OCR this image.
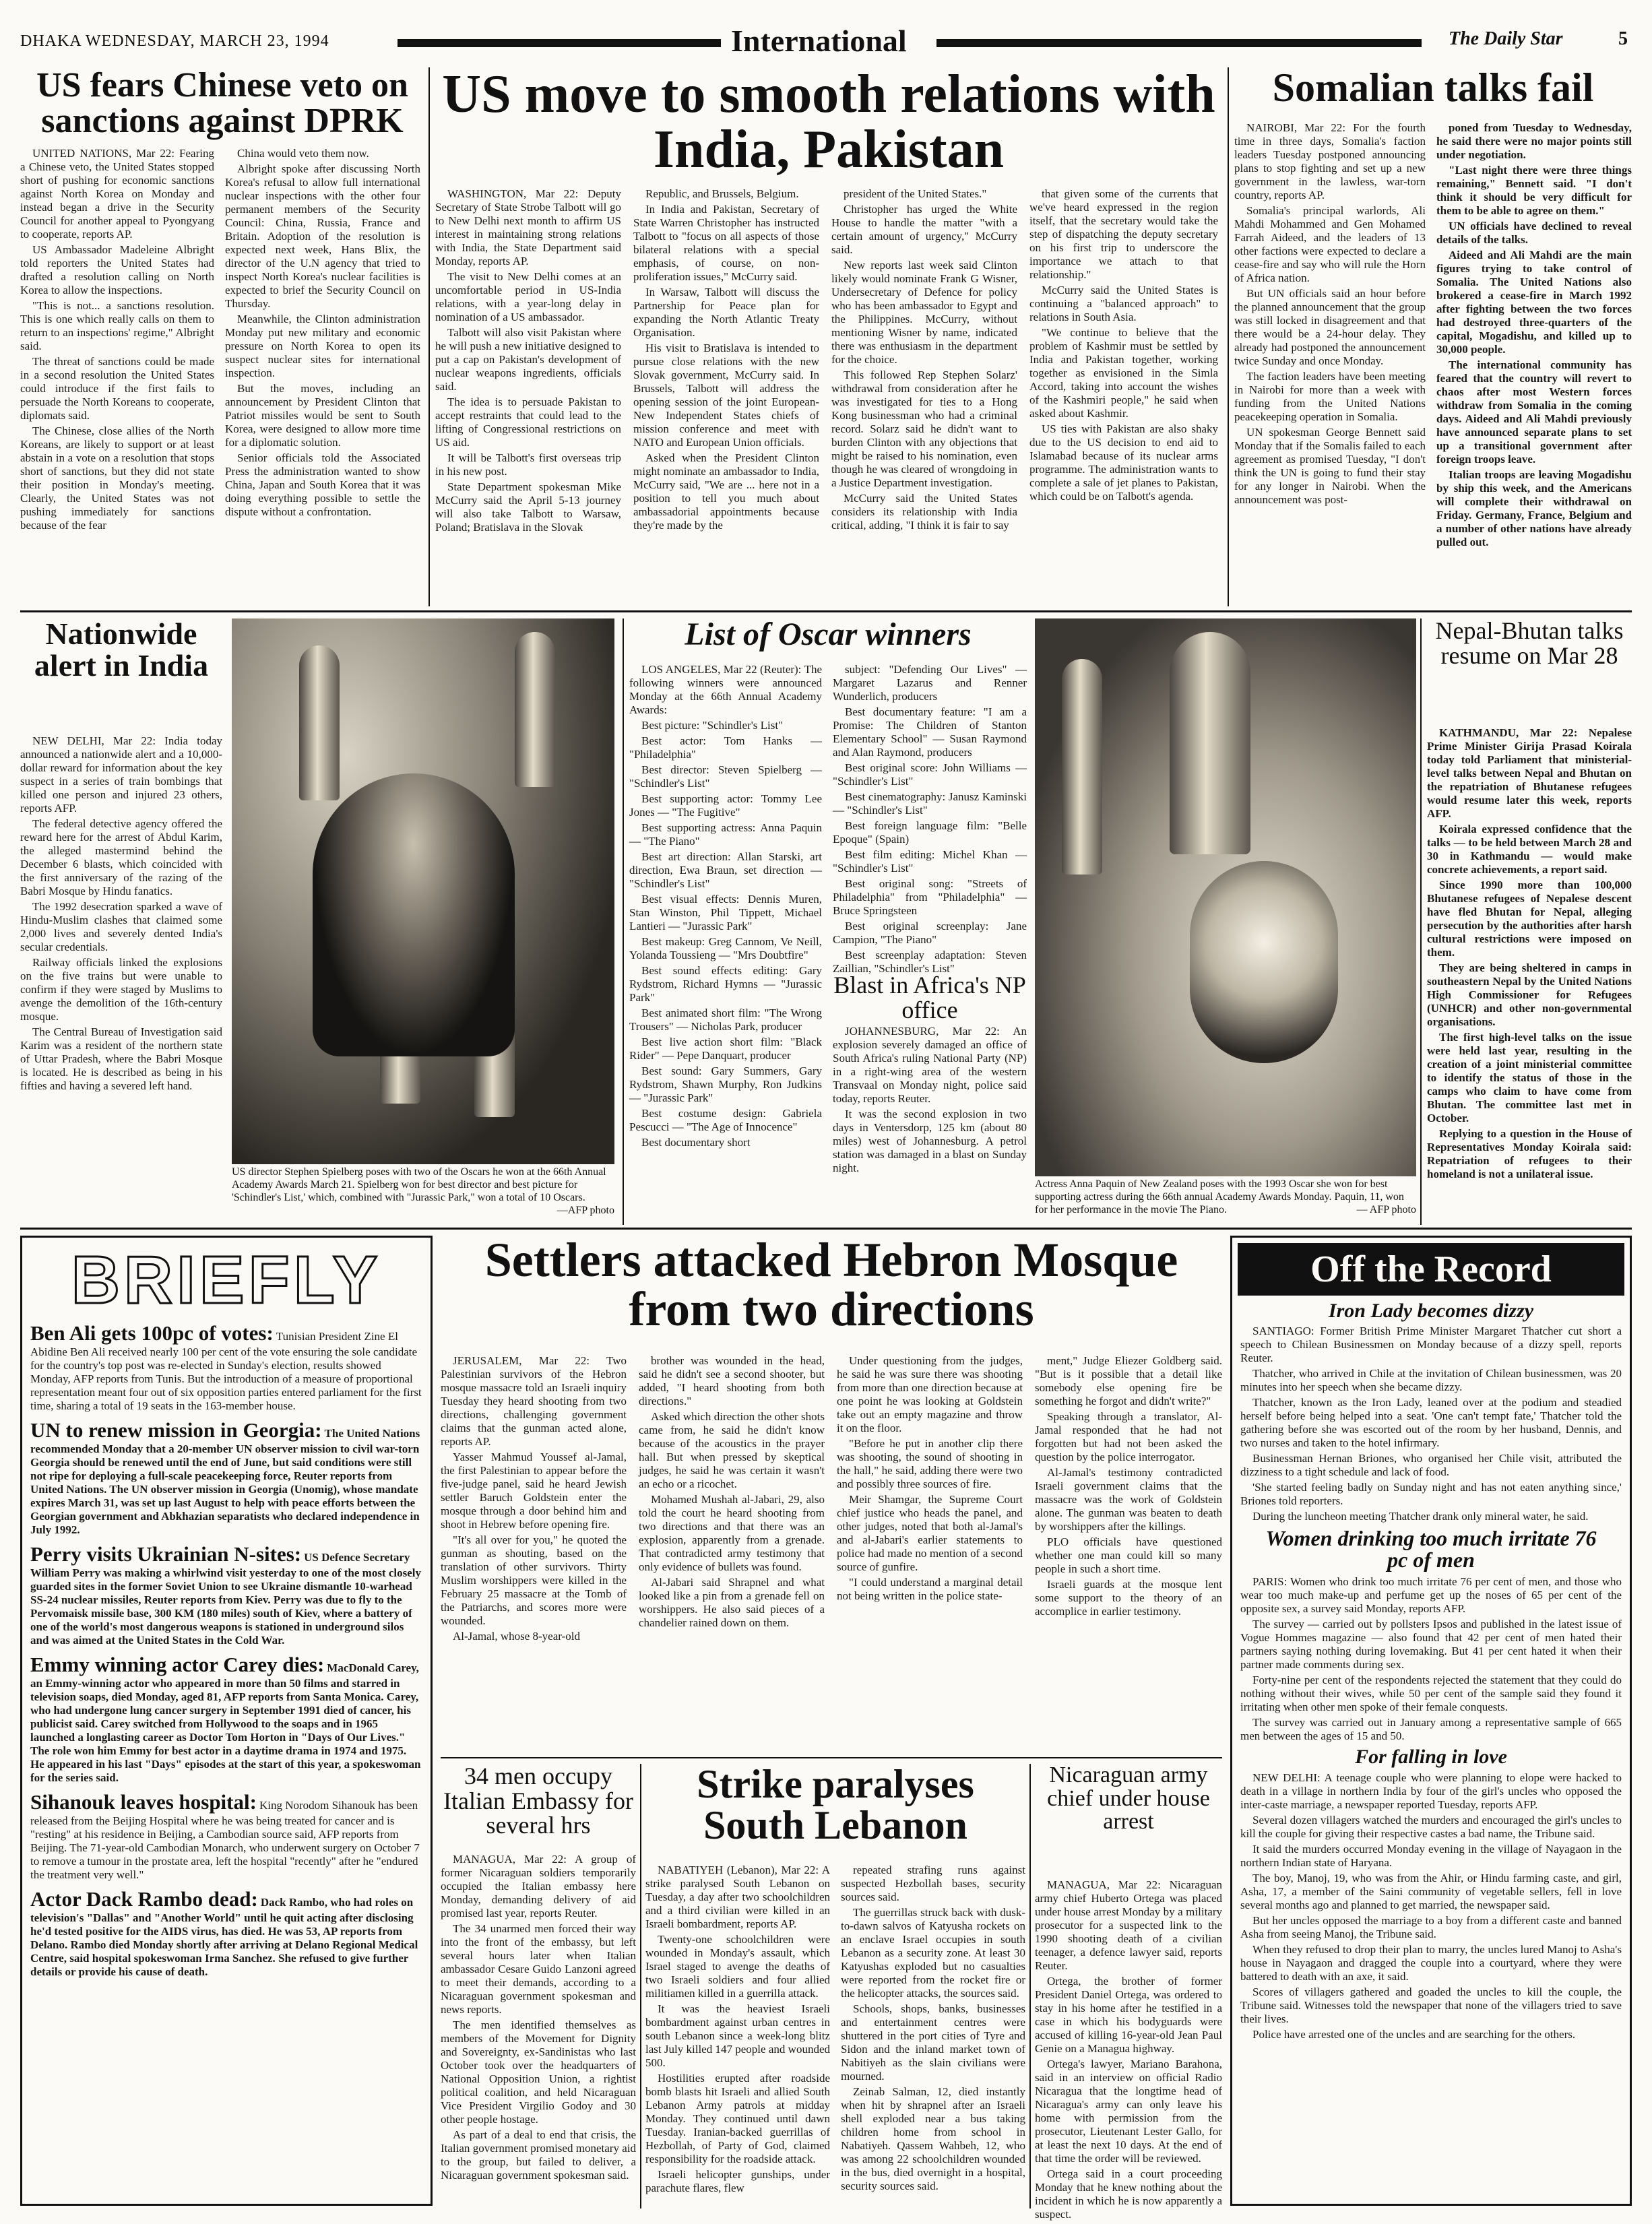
DHAKA WEDNESDAY, MARCH 23, 1994	International	The Daily Star	5
US fears Chinese veto on sanctions against DPRK

UNITED NATIONS, Mar 22: Fearing a Chinese veto, the United States stopped short of pushing for economic sanctions against North Korea on Monday and instead began a drive in the Security Council for another appeal to Pyongyang to cooperate, reports AP.

US Ambassador Madeleine Albright told reporters the United States had drafted a resolution calling on North Korea to allow the inspections.

"This is not... a sanctions resolution. This is one which really calls on them to return to an inspections' regime," Albright said.

The threat of sanctions could be made in a second resolution the United States could introduce if the first fails to persuade the North Koreans to cooperate, diplomats said.

The Chinese, close allies of the North Koreans, are likely to support or at least abstain in a vote on a resolution that stops short of sanctions, but they did not state their position in Monday's meeting. Clearly, the United States was not pushing immediately for sanctions because of the fear

China would veto them now.

Albright spoke after discussing North Korea's refusal to allow full international nuclear inspections with the other four permanent members of the Security Council: China, Russia, France and Britain. Adoption of the resolution is expected next week, Hans Blix, the director of the U.N agency that tried to inspect North Korea's nuclear facilities is expected to brief the Security Council on Thursday.

Meanwhile, the Clinton administration Monday put new military and economic pressure on North Korea to open its suspect nuclear sites for international inspection.

But the moves, including an announcement by President Clinton that Patriot missiles would be sent to South Korea, were designed to allow more time for a diplomatic solution.

Senior officials told the Associated Press the administration wanted to show China, Japan and South Korea that it was doing everything possible to settle the dispute without a confrontation.

US move to smooth relations with India, Pakistan

WASHINGTON, Mar 22: Deputy Secretary of State Strobe Talbott will go to New Delhi next month to affirm US interest in maintaining strong relations with India, the State Department said Monday, reports AP.

The visit to New Delhi comes at an uncomfortable period in US-India relations, with a year-long delay in nomination of a US ambassador.

Talbott will also visit Pakistan where he will push a new initiative designed to put a cap on Pakistan's development of nuclear weapons ingredients, officials said.

The idea is to persuade Pakistan to accept restraints that could lead to the lifting of Congressional restrictions on US aid.

It will be Talbott's first overseas trip in his new post.

State Department spokesman Mike McCurry said the April 5-13 journey will also take Talbott to Warsaw, Poland; Bratislava in the Slovak

Republic, and Brussels, Belgium.

In India and Pakistan, Secretary of State Warren Christopher has instructed Talbott to "focus on all aspects of those bilateral relations with a special emphasis, of course, on non-proliferation issues," McCurry said.

In Warsaw, Talbott will discuss the Partnership for Peace plan for expanding the North Atlantic Treaty Organisation.

His visit to Bratislava is intended to pursue close relations with the new Slovak government, McCurry said. In Brussels, Talbott will address the opening session of the joint European-New Independent States chiefs of mission conference and meet with NATO and European Union officials.

Asked when the President Clinton might nominate an ambassador to India, McCurry said, "We are ... here not in a position to tell you much about ambassadorial appointments because they're made by the

president of the United States."

Christopher has urged the White House to handle the matter "with a certain amount of urgency," McCurry said.

New reports last week said Clinton likely would nominate Frank G Wisner, Undersecretary of Defence for policy who has been ambassador to Egypt and the Philippines. McCurry, without mentioning Wisner by name, indicated there was enthusiasm in the department for the choice.

This followed Rep Stephen Solarz' withdrawal from consideration after he was investigated for ties to a Hong Kong businessman who had a criminal record. Solarz said he didn't want to burden Clinton with any objections that might be raised to his nomination, even though he was cleared of wrongdoing in a Justice Department investigation.

McCurry said the United States considers its relationship with India critical, adding, "I think it is fair to say

that given some of the currents that we've heard expressed in the region itself, that the secretary would take the step of dispatching the deputy secretary on his first trip to underscore the importance we attach to that relationship."

McCurry said the United States is continuing a "balanced approach" to relations in South Asia.

"We continue to believe that the problem of Kashmir must be settled by India and Pakistan together, working together as envisioned in the Simla Accord, taking into account the wishes of the Kashmiri people," he said when asked about Kashmir.

US ties with Pakistan are also shaky due to the US decision to end aid to Islamabad because of its nuclear arms programme. The administration wants to complete a sale of jet planes to Pakistan, which could be on Talbott's agenda.

Somalian talks fail

NAIROBI, Mar 22: For the fourth time in three days, Somalia's faction leaders Tuesday postponed announcing plans to stop fighting and set up a new government in the lawless, war-torn country, reports AP.

Somalia's principal warlords, Ali Mahdi Mohammed and Gen Mohamed Farrah Aideed, and the leaders of 13 other factions were expected to declare a cease-fire and say who will rule the Horn of Africa nation.

But UN officials said an hour before the planned announcement that the group was still locked in disagreement and that there would be a 24-hour delay. They already had postponed the announcement twice Sunday and once Monday.

The faction leaders have been meeting in Nairobi for more than a week with funding from the United Nations peacekeeping operation in Somalia.

UN spokesman George Bennett said Monday that if the Somalis failed to each agreement as promised Tuesday, "I don't think the UN is going to fund their stay for any longer in Nairobi. When the announcement was post-

poned from Tuesday to Wednesday, he said there were no major points still under negotiation.

"Last night there were three things remaining," Bennett said. "I don't think it should be very difficult for them to be able to agree on them."

UN officials have declined to reveal details of the talks.

Aideed and Ali Mahdi are the main figures trying to take control of Somalia. The United Nations also brokered a cease-fire in March 1992 after fighting between the two forces had destroyed three-quarters of the capital, Mogadishu, and killed up to 30,000 people.

The international community has feared that the country will revert to chaos after most Western forces withdraw from Somalia in the coming days. Aideed and Ali Mahdi previously have announced separate plans to set up a transitional government after foreign troops leave.

Italian troops are leaving Mogadishu by ship this week, and the Americans will complete their withdrawal on Friday. Germany, France, Belgium and a number of other nations have already pulled out.

Nationwide alert in India

NEW DELHI, Mar 22: India today announced a nationwide alert and a 10,000-dollar reward for information about the key suspect in a series of train bombings that killed one person and injured 23 others, reports AFP.

The federal detective agency offered the reward here for the arrest of Abdul Karim, the alleged mastermind behind the December 6 blasts, which coincided with the first anniversary of the razing of the Babri Mosque by Hindu fanatics.

The 1992 desecration sparked a wave of Hindu-Muslim clashes that claimed some 2,000 lives and severely dented India's secular credentials.

Railway officials linked the explosions on the five trains but were unable to confirm if they were staged by Muslims to avenge the demolition of the 16th-century mosque.

The Central Bureau of Investigation said Karim was a resident of the northern state of Uttar Pradesh, where the Babri Mosque is located. He is described as being in his fifties and having a severed left hand.

US director Stephen Spielberg poses with two of the Oscars he won at the 66th Annual Academy Awards March 21. Spielberg won for best director and best picture for 'Schindler's List,' which, combined with "Jurassic Park," won a total of 10 Oscars.
—AFP photo
List of Oscar winners

LOS ANGELES, Mar 22 (Reuter): The following winners were announced Monday at the 66th Annual Academy Awards:

Best picture: "Schindler's List"

Best actor: Tom Hanks — "Philadelphia"

Best director: Steven Spielberg — "Schindler's List"

Best supporting actor: Tommy Lee Jones — "The Fugitive"

Best supporting actress: Anna Paquin — "The Piano"

Best art direction: Allan Starski, art direction, Ewa Braun, set direction — "Schindler's List"

Best visual effects: Dennis Muren, Stan Winston, Phil Tippett, Michael Lantieri — "Jurassic Park"

Best makeup: Greg Cannom, Ve Neill, Yolanda Toussieng — "Mrs Doubtfire"

Best sound effects editing: Gary Rydstrom, Richard Hymns — "Jurassic Park"

Best animated short film: "The Wrong Trousers" — Nicholas Park, producer

Best live action short film: "Black Rider" — Pepe Danquart, producer

Best sound: Gary Summers, Gary Rydstrom, Shawn Murphy, Ron Judkins — "Jurassic Park"

Best costume design: Gabriela Pescucci — "The Age of Innocence"

Best documentary short

subject: "Defending Our Lives" — Margaret Lazarus and Renner Wunderlich, producers

Best documentary feature: "I am a Promise: The Children of Stanton Elementary School" — Susan Raymond and Alan Raymond, producers

Best original score: John Williams — "Schindler's List"

Best cinematography: Janusz Kaminski — "Schindler's List"

Best foreign language film: "Belle Epoque" (Spain)

Best film editing: Michel Khan — "Schindler's List"

Best original song: "Streets of Philadelphia" from "Philadelphia" — Bruce Springsteen

Best original screenplay: Jane Campion, "The Piano"

Best screenplay adaptation: Steven Zaillian, "Schindler's List"

Blast in Africa's NP office

JOHANNESBURG, Mar 22: An explosion severely damaged an office of South Africa's ruling National Party (NP) in a right-wing area of the western Transvaal on Monday night, police said today, reports Reuter.

It was the second explosion in two days in Ventersdorp, 125 km (about 80 miles) west of Johannesburg. A petrol station was damaged in a blast on Sunday night.

Actress Anna Paquin of New Zealand poses with the 1993 Oscar she won for best supporting actress during the 66th annual Academy Awards Monday. Paquin, 11, won for her performance in the movie The Piano.	— AFP photo
Nepal-Bhutan talks resume on Mar 28

KATHMANDU, Mar 22: Nepalese Prime Minister Girija Prasad Koirala today told Parliament that ministerial-level talks between Nepal and Bhutan on the repatriation of Bhutanese refugees would resume later this week, reports AFP.

Koirala expressed confidence that the talks — to be held between March 28 and 30 in Kathmandu — would make concrete achievements, a report said.

Since 1990 more than 100,000 Bhutanese refugees of Nepalese descent have fled Bhutan for Nepal, alleging persecution by the authorities after harsh cultural restrictions were imposed on them.

They are being sheltered in camps in southeastern Nepal by the United Nations High Commissioner for Refugees (UNHCR) and other non-governmental organisations.

The first high-level talks on the issue were held last year, resulting in the creation of a joint ministerial committee to identify the status of those in the camps who claim to have come from Bhutan. The committee last met in October.

Replying to a question in the House of Representatives Monday Koirala said: Repatriation of refugees to their homeland is not a unilateral issue.

BRIEFLY
Ben Ali gets 100pc of votes: Tunisian President Zine El Abidine Ben Ali received nearly 100 per cent of the vote ensuring the sole candidate for the country's top post was re-elected in Sunday's election, results showed Monday, AFP reports from Tunis. But the introduction of a measure of proportional representation meant four out of six opposition parties entered parliament for the first time, sharing a total of 19 seats in the 163-member house.
UN to renew mission in Georgia: The United Nations recommended Monday that a 20-member UN observer mission to civil war-torn Georgia should be renewed until the end of June, but said conditions were still not ripe for deploying a full-scale peacekeeping force, Reuter reports from United Nations. The UN observer mission in Georgia (Unomig), whose mandate expires March 31, was set up last August to help with peace efforts between the Georgian government and Abkhazian separatists who declared independence in July 1992.
Perry visits Ukrainian N-sites: US Defence Secretary William Perry was making a whirlwind visit yesterday to one of the most closely guarded sites in the former Soviet Union to see Ukraine dismantle 10-warhead SS-24 nuclear missiles, Reuter reports from Kiev. Perry was due to fly to the Pervomaisk missile base, 300 KM (180 miles) south of Kiev, where a battery of one of the world's most dangerous weapons is stationed in underground silos and was aimed at the United States in the Cold War.
Emmy winning actor Carey dies: MacDonald Carey, an Emmy-winning actor who appeared in more than 50 films and starred in television soaps, died Monday, aged 81, AFP reports from Santa Monica. Carey, who had undergone lung cancer surgery in September 1991 died of cancer, his publicist said. Carey switched from Hollywood to the soaps and in 1965 launched a longlasting career as Doctor Tom Horton in "Days of Our Lives." The role won him Emmy for best actor in a daytime drama in 1974 and 1975. He appeared in his last "Days" episodes at the start of this year, a spokeswoman for the series said.
Sihanouk leaves hospital: King Norodom Sihanouk has been released from the Beijing Hospital where he was being treated for cancer and is "resting" at his residence in Beijing, a Cambodian source said, AFP reports from Beijing. The 71-year-old Cambodian Monarch, who underwent surgery on October 7 to remove a tumour in the prostate area, left the hospital "recently" after he "endured the treatment very well."
Actor Dack Rambo dead: Dack Rambo, who had roles on television's "Dallas" and "Another World" until he quit acting after disclosing he'd tested positive for the AIDS virus, has died. He was 53, AP reports from Delano. Rambo died Monday shortly after arriving at Delano Regional Medical Centre, said hospital spokeswoman Irma Sanchez. She refused to give further details or provide his cause of death.
Settlers attacked Hebron Mosque from two directions

JERUSALEM, Mar 22: Two Palestinian survivors of the Hebron mosque massacre told an Israeli inquiry Tuesday they heard shooting from two directions, challenging government claims that the gunman acted alone, reports AP.

Yasser Mahmud Youssef al-Jamal, the first Palestinian to appear before the five-judge panel, said he heard Jewish settler Baruch Goldstein enter the mosque through a door behind him and shoot in Hebrew before opening fire.

"It's all over for you," he quoted the gunman as shouting, based on the translation of other survivors. Thirty Muslim worshippers were killed in the February 25 massacre at the Tomb of the Patriarchs, and scores more were wounded.

Al-Jamal, whose 8-year-old

brother was wounded in the head, said he didn't see a second shooter, but added, "I heard shooting from both directions."

Asked which direction the other shots came from, he said he didn't know because of the acoustics in the prayer hall. But when pressed by skeptical judges, he said he was certain it wasn't an echo or a ricochet.

Mohamed Mushah al-Jabari, 29, also told the court he heard shooting from two directions and that there was an explosion, apparently from a grenade. That contradicted army testimony that only evidence of bullets was found.

Al-Jabari said Shrapnel and what looked like a pin from a grenade fell on worshippers. He also said pieces of a chandelier rained down on them.

Under questioning from the judges, he said he was sure there was shooting from more than one direction because at one point he was looking at Goldstein take out an empty magazine and throw it on the floor.

"Before he put in another clip there was shooting, the sound of shooting in the hall," he said, adding there were two and possibly three sources of fire.

Meir Shamgar, the Supreme Court chief justice who heads the panel, and other judges, noted that both al-Jamal's and al-Jabari's earlier statements to police had made no mention of a second source of gunfire.

"I could understand a marginal detail not being written in the police state-

ment," Judge Eliezer Goldberg said. "But is it possible that a detail like somebody else opening fire be something he forgot and didn't write?"

Speaking through a translator, Al-Jamal responded that he had not forgotten but had not been asked the question by the police interrogator.

Al-Jamal's testimony contradicted Israeli government claims that the massacre was the work of Goldstein alone. The gunman was beaten to death by worshippers after the killings.

PLO officials have questioned whether one man could kill so many people in such a short time.

Israeli guards at the mosque lent some support to the theory of an accomplice in earlier testimony.

34 men occupy Italian Embassy for several hrs

MANAGUA, Mar 22: A group of former Nicaraguan soldiers temporarily occupied the Italian embassy here Monday, demanding delivery of aid promised last year, reports Reuter.

The 34 unarmed men forced their way into the front of the embassy, but left several hours later when Italian ambassador Cesare Guido Lanzoni agreed to meet their demands, according to a Nicaraguan government spokesman and news reports.

The men identified themselves as members of the Movement for Dignity and Sovereignty, ex-Sandinistas who last October took over the headquarters of National Opposition Union, a rightist political coalition, and held Nicaraguan Vice President Virgilio Godoy and 30 other people hostage.

As part of a deal to end that crisis, the Italian government promised monetary aid to the group, but failed to deliver, a Nicaraguan government spokesman said.

Strike paralyses South Lebanon

NABATIYEH (Lebanon), Mar 22: A strike paralysed South Lebanon on Tuesday, a day after two schoolchildren and a third civilian were killed in an Israeli bombardment, reports AP.

Twenty-one schoolchildren were wounded in Monday's assault, which Israel staged to avenge the deaths of two Israeli soldiers and four allied militiamen killed in a guerrilla attack.

It was the heaviest Israeli bombardment against urban centres in south Lebanon since a week-long blitz last July killed 147 people and wounded 500.

Hostilities erupted after roadside bomb blasts hit Israeli and allied South Lebanon Army patrols at midday Monday. They continued until dawn Tuesday. Iranian-backed guerrillas of Hezbollah, of Party of God, claimed responsibility for the roadside attack.

Israeli helicopter gunships, under parachute flares, flew

repeated strafing runs against suspected Hezbollah bases, security sources said.

The guerrillas struck back with dusk-to-dawn salvos of Katyusha rockets on an enclave Israel occupies in south Lebanon as a security zone. At least 30 Katyushas exploded but no casualties were reported from the rocket fire or the helicopter attacks, the sources said.

Schools, shops, banks, businesses and entertainment centres were shuttered in the port cities of Tyre and Sidon and the inland market town of Nabitiyeh as the slain civilians were mourned.

Zeinab Salman, 12, died instantly when hit by shrapnel after an Israeli shell exploded near a bus taking children home from school in Nabatiyeh. Qassem Wahbeh, 12, who was among 22 schoolchildren wounded in the bus, died overnight in a hospital, security sources said.

Nicaraguan army chief under house arrest

MANAGUA, Mar 22: Nicaraguan army chief Huberto Ortega was placed under house arrest Monday by a military prosecutor for a suspected link to the 1990 shooting death of a civilian teenager, a defence lawyer said, reports Reuter.

Ortega, the brother of former President Daniel Ortega, was ordered to stay in his home after he testified in a case in which his bodyguards were accused of killing 16-year-old Jean Paul Genie on a Managua highway.

Ortega's lawyer, Mariano Barahona, said in an interview on official Radio Nicaragua that the longtime head of Nicaragua's army can only leave his home with permission from the prosecutor, Lieutenant Lester Gallo, for at least the next 10 days. At the end of that time the order will be reviewed.

Ortega said in a court proceeding Monday that he knew nothing about the incident in which he is now apparently a suspect.

Off the Record
Iron Lady becomes dizzy

SANTIAGO: Former British Prime Minister Margaret Thatcher cut short a speech to Chilean Businessmen on Monday because of a dizzy spell, reports Reuter.

Thatcher, who arrived in Chile at the invitation of Chilean businessmen, was 20 minutes into her speech when she became dizzy.

Thatcher, known as the Iron Lady, leaned over at the podium and steadied herself before being helped into a seat. 'One can't tempt fate,' Thatcher told the gathering before she was escorted out of the room by her husband, Dennis, and two nurses and taken to the hotel infirmary.

Businessman Hernan Briones, who organised her Chile visit, attributed the dizziness to a tight schedule and lack of food.

'She started feeling badly on Sunday night and has not eaten anything since,' Briones told reporters.

During the luncheon meeting Thatcher drank only mineral water, he said.

Women drinking too much irritate 76 pc of men

PARIS: Women who drink too much irritate 76 per cent of men, and those who wear too much make-up and perfume get up the noses of 65 per cent of the opposite sex, a survey said Monday, reports AFP.

The survey — carried out by pollsters Ipsos and published in the latest issue of Vogue Hommes magazine — also found that 42 per cent of men hated their partners saying nothing during lovemaking. But 41 per cent hated it when their partner made comments during sex.

Forty-nine per cent of the respondents rejected the statement that they could do nothing without their wives, while 50 per cent of the sample said they found it irritating when other men spoke of their female conquests.

The survey was carried out in January among a representative sample of 665 men between the ages of 15 and 50.

For falling in love

NEW DELHI: A teenage couple who were planning to elope were hacked to death in a village in northern India by four of the girl's uncles who opposed the inter-caste marriage, a newspaper reported Tuesday, reports AFP.

Several dozen villagers watched the murders and encouraged the girl's uncles to kill the couple for giving their respective castes a bad name, the Tribune said.

It said the murders occurred Monday evening in the village of Nayagaon in the northern Indian state of Haryana.

The boy, Manoj, 19, who was from the Ahir, or Hindu farming caste, and girl, Asha, 17, a member of the Saini community of vegetable sellers, fell in love several months ago and planned to get married, the newspaper said.

But her uncles opposed the marriage to a boy from a different caste and banned Asha from seeing Manoj, the Tribune said.

When they refused to drop their plan to marry, the uncles lured Manoj to Asha's house in Nayagaon and dragged the couple into a courtyard, where they were battered to death with an axe, it said.

Scores of villagers gathered and goaded the uncles to kill the couple, the Tribune said. Witnesses told the newspaper that none of the villagers tried to save their lives.

Police have arrested one of the uncles and are searching for the others.
